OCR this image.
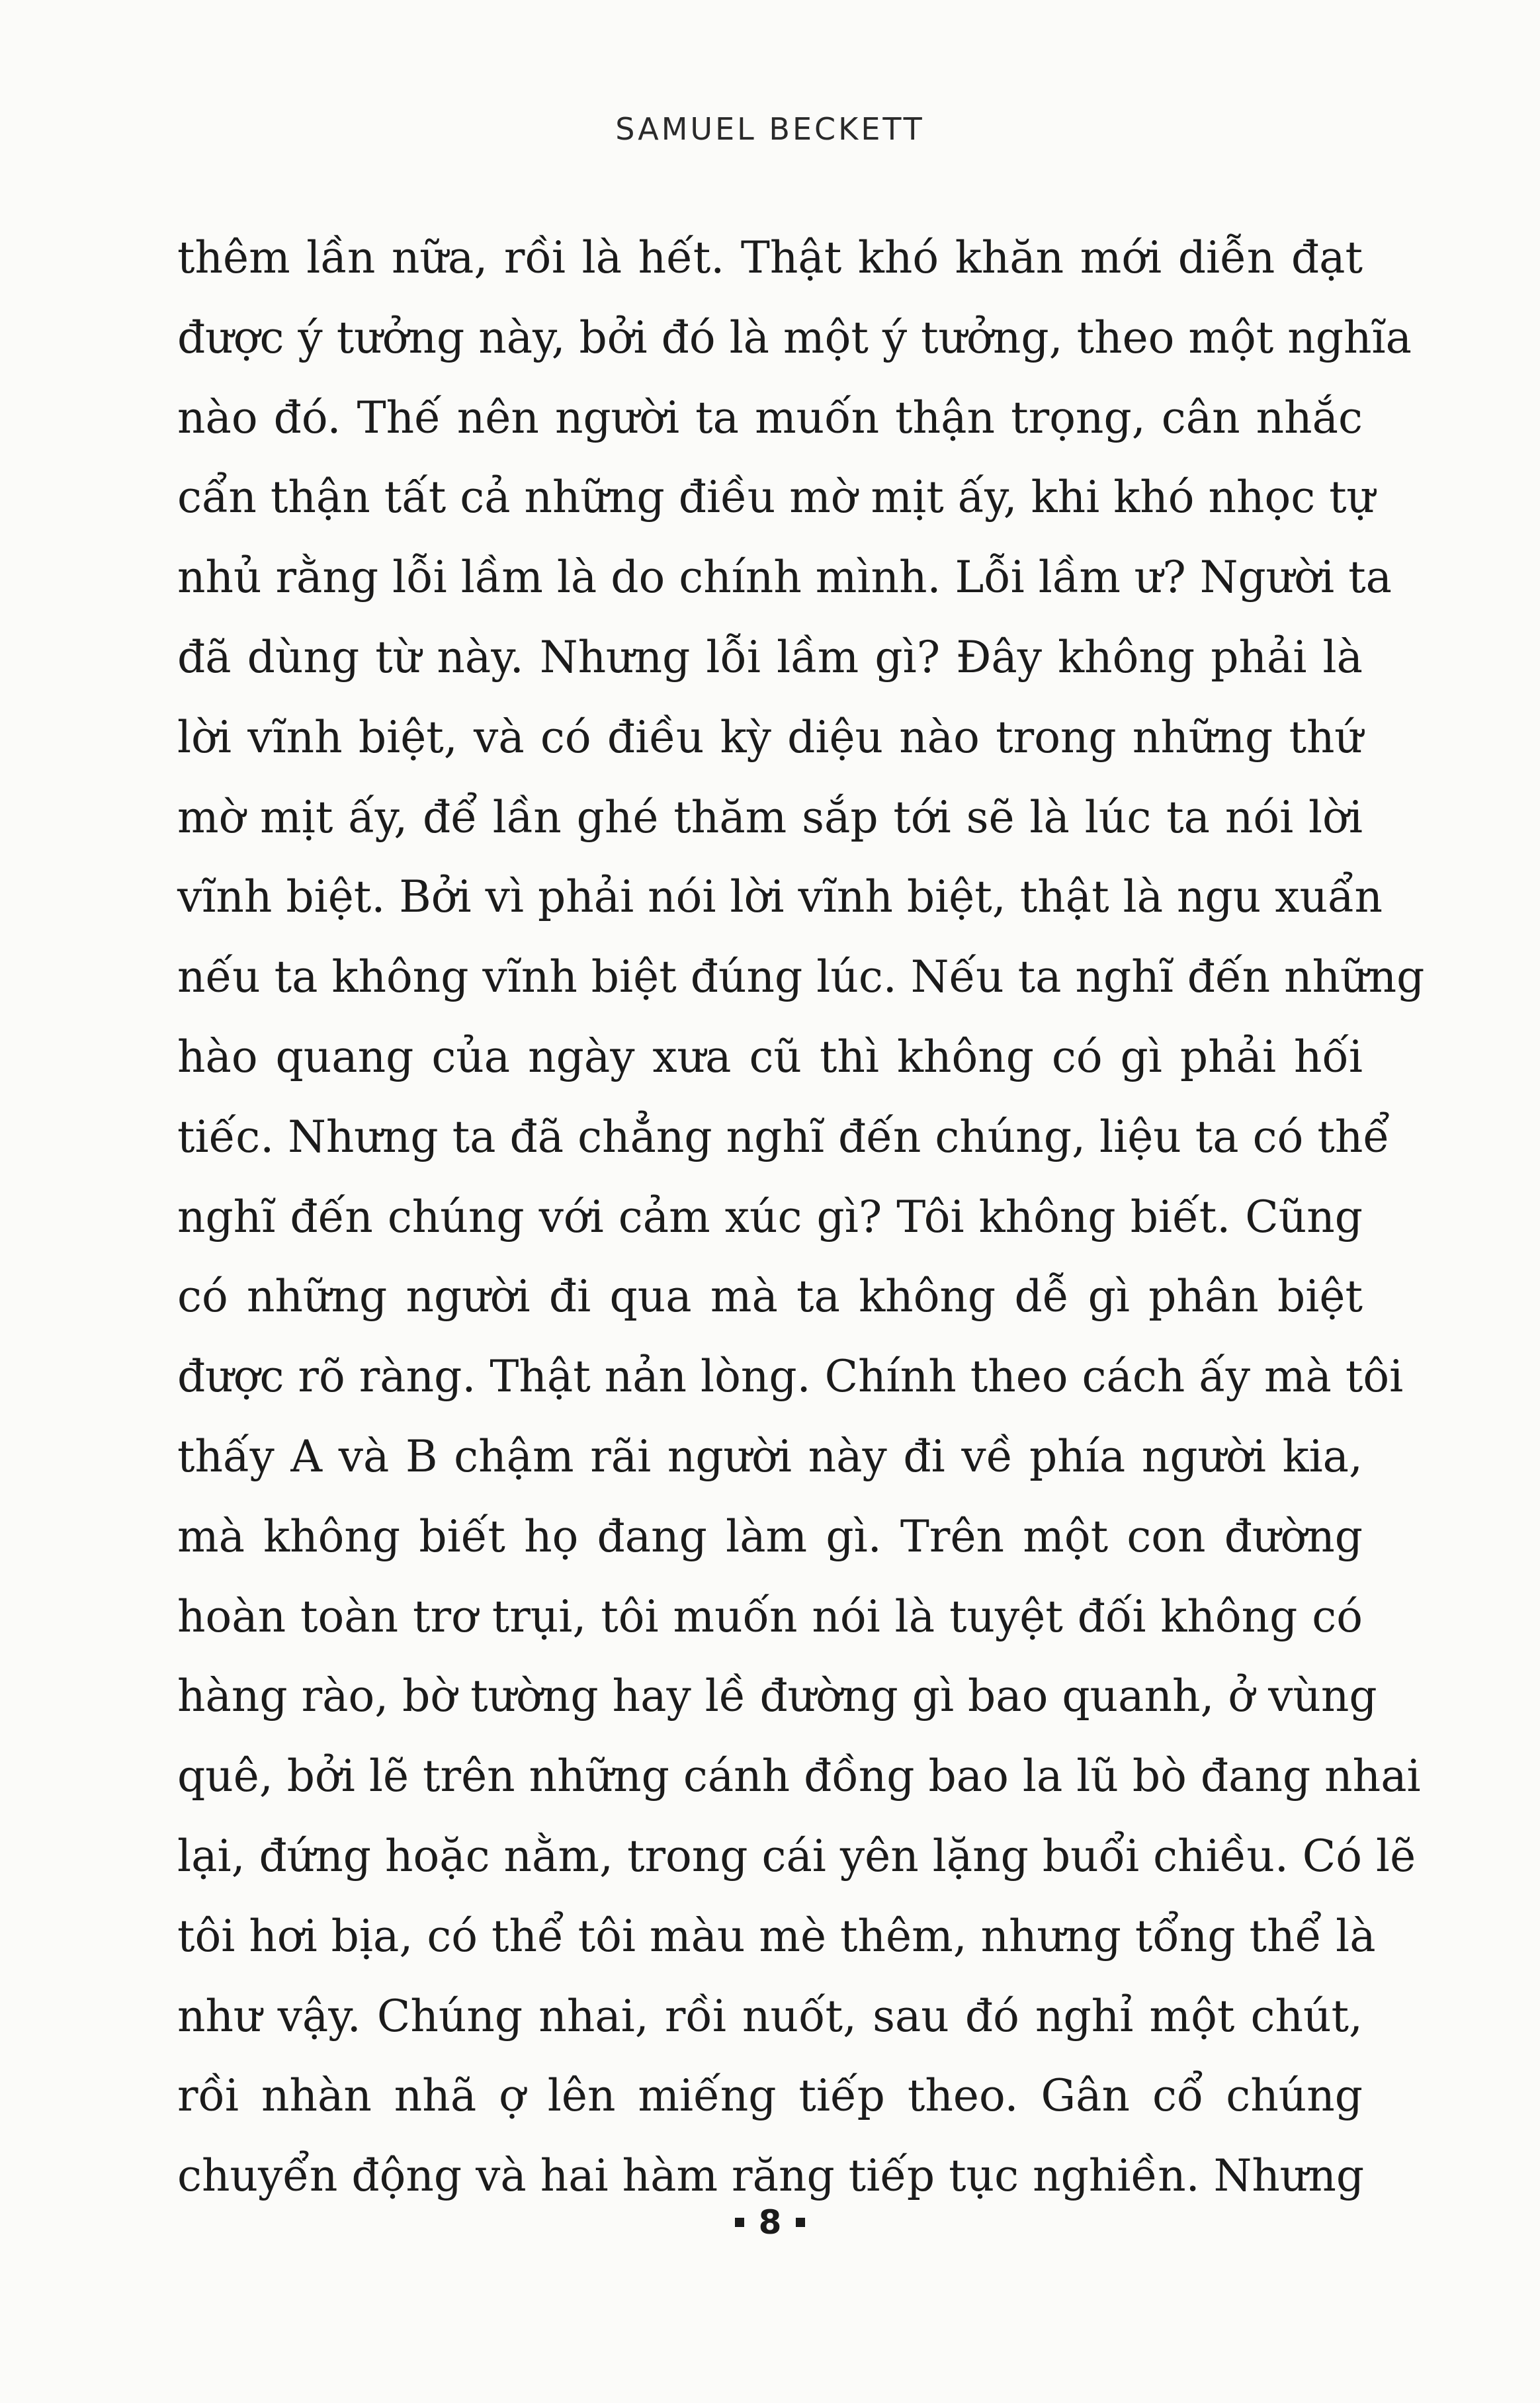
SAMUEL BECKETT
thêm lần nữa, rồi là hết. Thật khó khăn mới diễn đạt
được ý tưởng này, bởi đó là một ý tưởng, theo một nghĩa
nào đó. Thế nên người ta muốn thận trọng, cân nhắc
cẩn thận tất cả những điều mờ mịt ấy, khi khó nhọc tự
nhủ rằng lỗi lầm là do chính mình. Lỗi lầm ư? Người ta
đã dùng từ này. Nhưng lỗi lầm gì? Đây không phải là
lời vĩnh biệt, và có điều kỳ diệu nào trong những thứ
mờ mịt ấy, để lần ghé thăm sắp tới sẽ là lúc ta nói lời
vĩnh biệt. Bởi vì phải nói lời vĩnh biệt, thật là ngu xuẩn
nếu ta không vĩnh biệt đúng lúc. Nếu ta nghĩ đến những
hào quang của ngày xưa cũ thì không có gì phải hối
tiếc. Nhưng ta đã chẳng nghĩ đến chúng, liệu ta có thể
nghĩ đến chúng với cảm xúc gì? Tôi không biết. Cũng
có những người đi qua mà ta không dễ gì phân biệt
được rõ ràng. Thật nản lòng. Chính theo cách ấy mà tôi
thấy A và B chậm rãi người này đi về phía người kia,
mà không biết họ đang làm gì. Trên một con đường
hoàn toàn trơ trụi, tôi muốn nói là tuyệt đối không có
hàng rào, bờ tường hay lề đường gì bao quanh, ở vùng
quê, bởi lẽ trên những cánh đồng bao la lũ bò đang nhai
lại, đứng hoặc nằm, trong cái yên lặng buổi chiều. Có lẽ
tôi hơi bịa, có thể tôi màu mè thêm, nhưng tổng thể là
như vậy. Chúng nhai, rồi nuốt, sau đó nghỉ một chút,
rồi nhàn nhã ợ lên miếng tiếp theo. Gân cổ chúng
chuyển động và hai hàm răng tiếp tục nghiền. Nhưng
8
